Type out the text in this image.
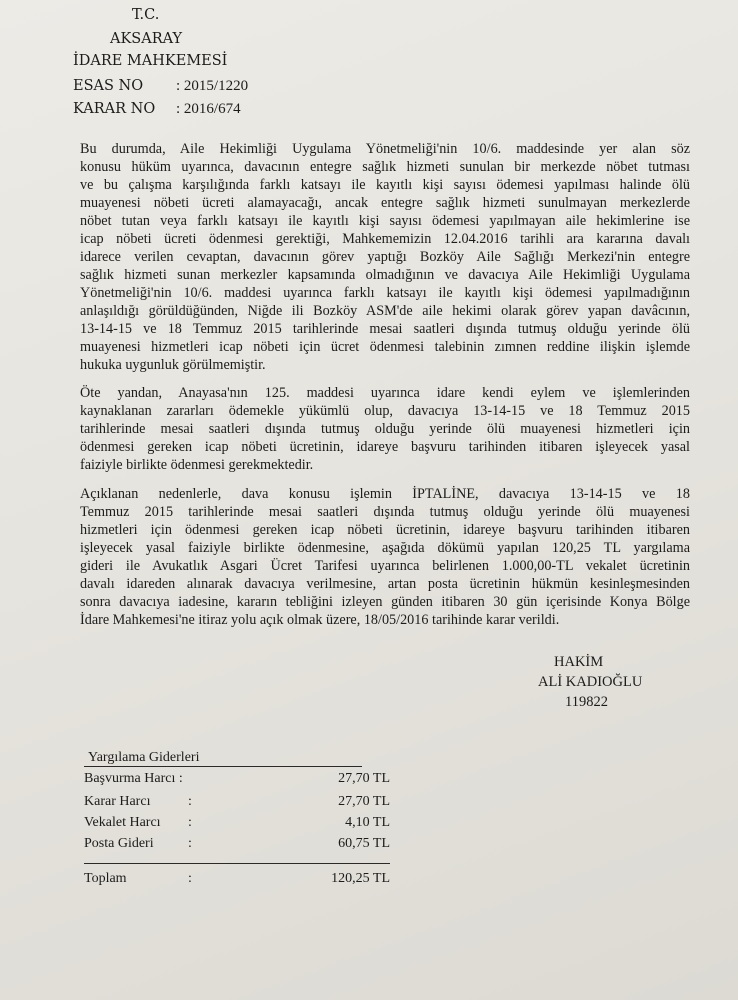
T.C.
AKSARAY
İDARE MAHKEMESİ
ESAS NO : 2015/1220
KARAR NO : 2016/674
Bu durumda, Aile Hekimliği Uygulama Yönetmeliği'nin 10/6. maddesinde yer alan söz
konusu hüküm uyarınca, davacının entegre sağlık hizmeti sunulan bir merkezde nöbet tutması
ve bu çalışma karşılığında farklı katsayı ile kayıtlı kişi sayısı ödemesi yapılması halinde ölü
muayenesi nöbeti ücreti alamayacağı, ancak entegre sağlık hizmeti sunulmayan merkezlerde
nöbet tutan veya farklı katsayı ile kayıtlı kişi sayısı ödemesi yapılmayan aile hekimlerine ise
icap nöbeti ücreti ödenmesi gerektiği, Mahkememizin 12.04.2016 tarihli ara kararına davalı
idarece verilen cevaptan, davacının görev yaptığı Bozköy Aile Sağlığı Merkezi'nin entegre
sağlık hizmeti sunan merkezler kapsamında olmadığının ve davacıya Aile Hekimliği Uygulama
Yönetmeliği'nin 10/6. maddesi uyarınca farklı katsayı ile kayıtlı kişi ödemesi yapılmadığının
anlaşıldığı görüldüğünden, Niğde ili Bozköy ASM'de aile hekimi olarak görev yapan davâcının,
13-14-15 ve 18 Temmuz 2015 tarihlerinde mesai saatleri dışında tutmuş olduğu yerinde ölü
muayenesi hizmetleri icap nöbeti için ücret ödenmesi talebinin zımnen reddine ilişkin işlemde
hukuka uygunluk görülmemiştir.
Öte yandan, Anayasa'nın 125. maddesi uyarınca idare kendi eylem ve işlemlerinden
kaynaklanan zararları ödemekle yükümlü olup, davacıya 13-14-15 ve 18 Temmuz 2015
tarihlerinde mesai saatleri dışında tutmuş olduğu yerinde ölü muayenesi hizmetleri için
ödenmesi gereken icap nöbeti ücretinin, idareye başvuru tarihinden itibaren işleyecek yasal
faiziyle birlikte ödenmesi gerekmektedir.
Açıklanan nedenlerle, dava konusu işlemin İPTALİNE, davacıya 13-14-15 ve 18
Temmuz 2015 tarihlerinde mesai saatleri dışında tutmuş olduğu yerinde ölü muayenesi
hizmetleri için ödenmesi gereken icap nöbeti ücretinin, idareye başvuru tarihinden itibaren
işleyecek yasal faiziyle birlikte ödenmesine, aşağıda dökümü yapılan 120,25 TL yargılama
gideri ile Avukatlık Asgari Ücret Tarifesi uyarınca belirlenen 1.000,00-TL vekalet ücretinin
davalı idareden alınarak davacıya verilmesine, artan posta ücretinin hükmün kesinleşmesinden
sonra davacıya iadesine, kararın tebliğini izleyen günden itibaren 30 gün içerisinde Konya Bölge
İdare Mahkemesi'ne itiraz yolu açık olmak üzere, 18/05/2016 tarihinde karar verildi.
HAKİM
ALİ KADIOĞLU
119822
Yargılama Giderleri
Başvurma Harcı :	27,70 TL
Karar Harcı	:	27,70 TL
Vekalet Harcı :	4,10 TL
Posta Gideri :	60,75 TL
Toplam	:	120,25 TL
